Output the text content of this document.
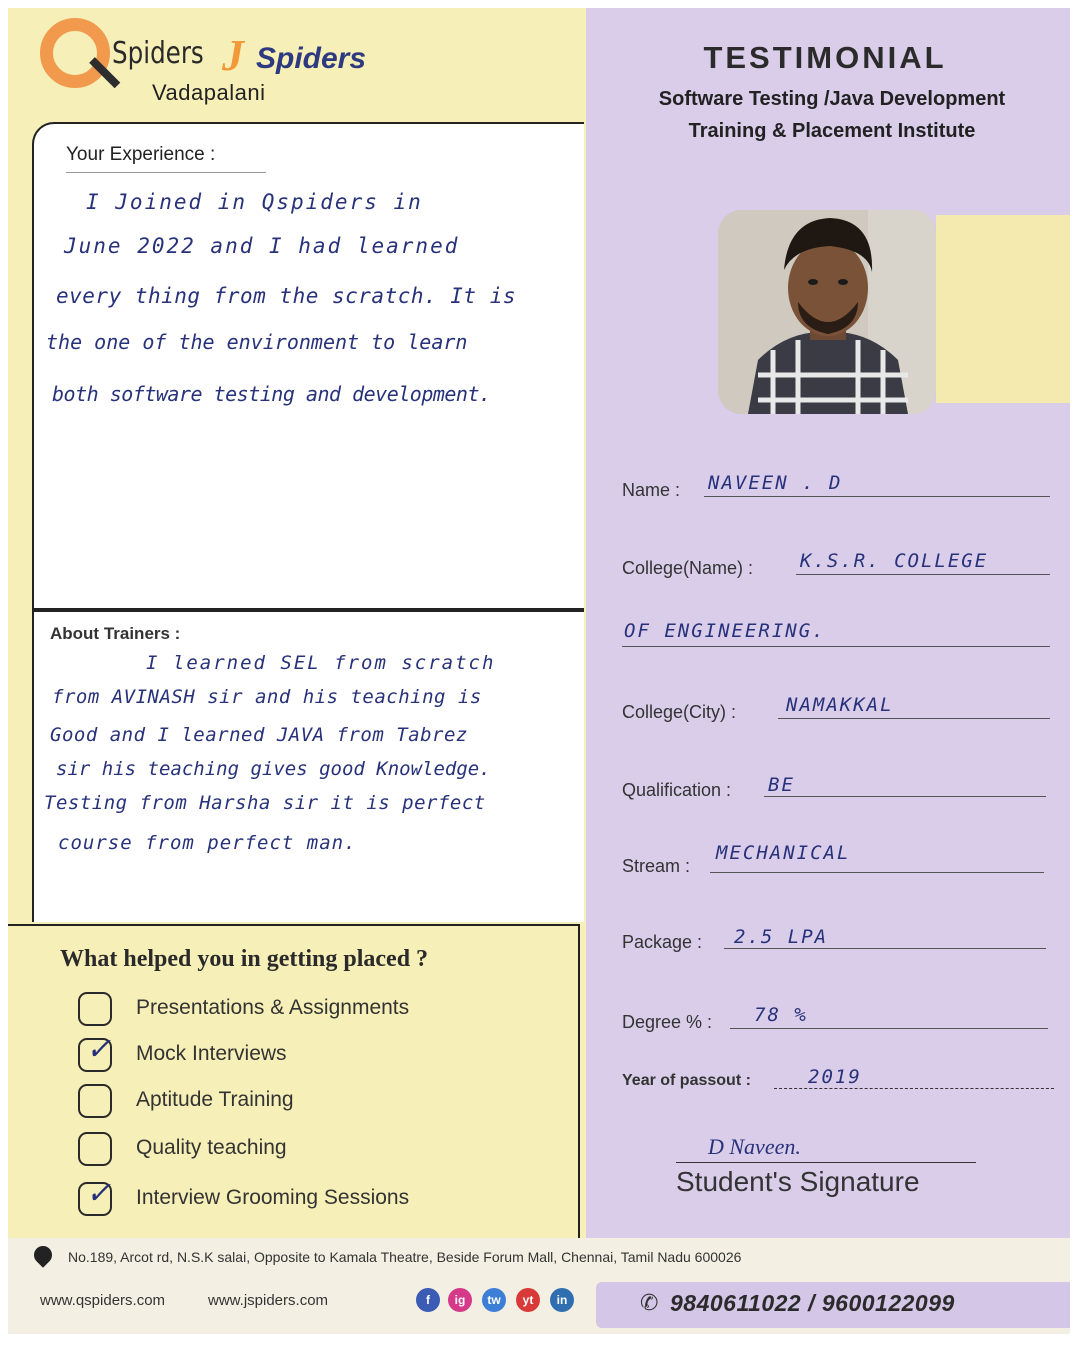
Spiders J Spiders
Vadapalani
TESTIMONIAL
Software Testing /Java Development
Training & Placement Institute
Your Experience :
I Joined in Qspiders in
June 2022 and I had learned
every thing from the scratch. It is
the one of the environment to learn
both software testing and development.
About Trainers :
I learned SEL from scratch
from AVINASH sir and his teaching is
Good and I learned JAVA from Tabrez
sir his teaching gives good Knowledge.
Testing from Harsha sir it is perfect
course from perfect man.
What helped you in getting placed ?
Presentations & Assignments
✓ Mock Interviews
Aptitude Training
Quality teaching
✓ Interview Grooming Sessions
Name : NAVEEN . D
College(Name) : K.S.R. COLLEGE
OF ENGINEERING.
College(City) :	NAMAKKAL
Qualification : BE
Stream :
MECHANICAL
Package : 2.5 LPA
Degree % : 78 %
Year of passout :	2019
D Naveen.
Student's Signature
No.189, Arcot rd, N.S.K salai, Opposite to Kamala Theatre, Beside Forum Mall, Chennai, Tamil Nadu 600026
www.qspiders.com	www.jspiders.com	f	ig	tw	yt	in	✆ 9840611022 / 9600122099
